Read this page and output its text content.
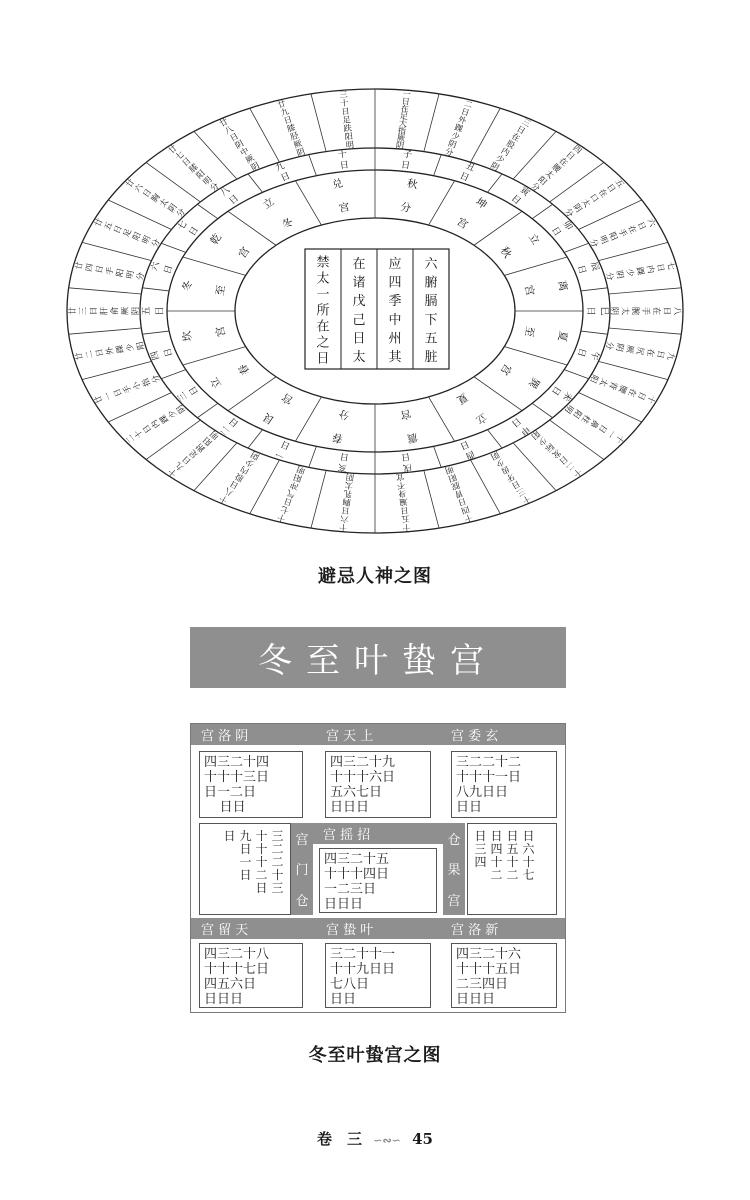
一
日
在
足
大
指
厥
阴
二
日
外
踝
少
阴
分
三
日
在
股
内
少
阴
四
日
在
腰
太
阳
分	五
日
在
口
太
阴
分
六
日
在
手
阳
明
分
七
日
内
踝
少
阴
分
八
日
在
手
腕
太
阴
九
日
在
尻
厥
阴
分
十
日
在
腰
背
太
阳
十
一
日
鼻
柱
阳
明
十
二
日
发
际
少
阳
十
三
日
牙
齿
少
阴
十
四
日
胃
脘
阳
明
十
五
日
遍
身
不
宜
十
六
日
胸
乳
太
阴
十
七
日
气
冲
阳
明
十
八
日
股
内
少
阴
十
九
日
足
跗
阳
明
二
十
日
内
踝
少
阴
廿
一
日
手
小
指
分
廿
二
日
外
踝
少
阳
廿 三 日 肝 俞 厥 阴
廿
四
日
手
阳
明
分
廿
五
日
足
阳
明
分
廿
六
日
胸
太
阴
分
廿
七
日
膝
阳
明
分
廿
八
日
阴
中
厥
阴
廿
九
日
膝
胫
厥
阴
三
十
日
足
趺
阳
明
子
日	丑
日
寅
日
卯
日
辰
日
巳
日
午
日
未
日
申
日
酉
日
戌
日
亥
日
一
日
二
日
三
日
四 日
五 日
六 日
七
日
八
日
九
日
十
日
秋
分	坤
宫
立
秋
离
宫
夏
至
巽
宫
立
夏
震
宫
春
分
艮
宫
立
春
坎 宫
冬 至
乾
宫
立
冬
兑
宫
六
腑
膈
下
五
脏
应
四
季
中
州
其
在
诸
戊
己
日
太
禁
太
一
所
在
之
日
避忌人神之图
冬至叶蛰宫
宫 洛 阴	宫 天 上	宫 委 玄
四三二十四
十十十三日
日一二日
日日
四三二十九
十十十六日
五六七日
日日日
三二二十二
十十十一日
八九日日
日日
三
二
二
十
三
十
十
十
二
日
九
日
一
日
日	宫
门
仓
宫 摇 招
四三二十五
十十十四日
一二三日
日日日
仓
果
宫
日
三
四
日
四
十
二
日
五
十
二
日
六
十
七
宫 留 天	宫 蛰 叶	宫 洛 新
四三二十八
十十十七日
四五六日
日日日
三二十十一
十十九日日
七八日
日日
四三二十六
十十十五日
二三四日
日日日
冬至叶蛰宫之图
卷　三 ∽∾∽ 45
